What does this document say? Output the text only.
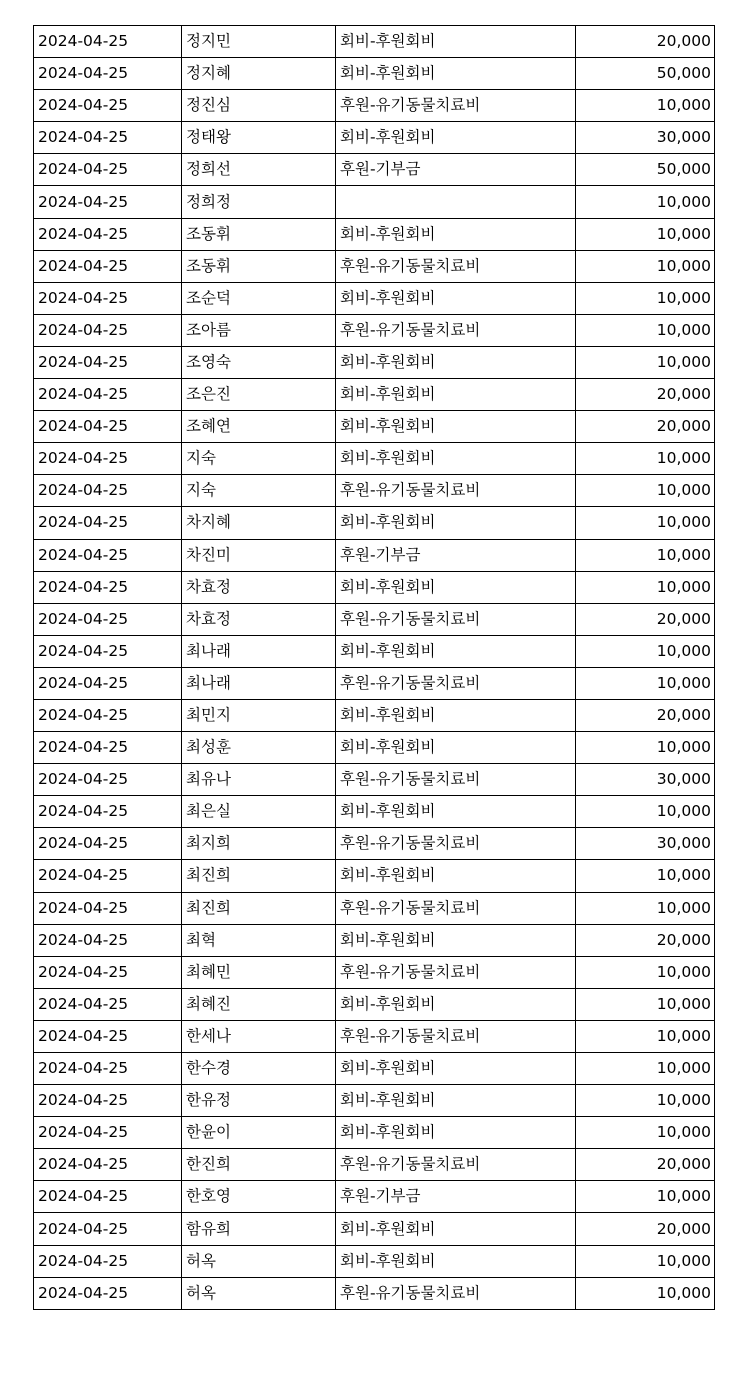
2024-04-25	정지민	회비-후원회비	20,000
2024-04-25	정지혜	회비-후원회비	50,000
2024-04-25	정진심	후원-유기동물치료비	10,000
2024-04-25	정태왕	회비-후원회비	30,000
2024-04-25	정희선	후원-기부금	50,000
2024-04-25	정희정		10,000
2024-04-25	조동휘	회비-후원회비	10,000
2024-04-25	조동휘	후원-유기동물치료비	10,000
2024-04-25	조순덕	회비-후원회비	10,000
2024-04-25	조아름	후원-유기동물치료비	10,000
2024-04-25	조영숙	회비-후원회비	10,000
2024-04-25	조은진	회비-후원회비	20,000
2024-04-25	조혜연	회비-후원회비	20,000
2024-04-25	지숙	회비-후원회비	10,000
2024-04-25	지숙	후원-유기동물치료비	10,000
2024-04-25	차지혜	회비-후원회비	10,000
2024-04-25	차진미	후원-기부금	10,000
2024-04-25	차효정	회비-후원회비	10,000
2024-04-25	차효정	후원-유기동물치료비	20,000
2024-04-25	최나래	회비-후원회비	10,000
2024-04-25	최나래	후원-유기동물치료비	10,000
2024-04-25	최민지	회비-후원회비	20,000
2024-04-25	최성훈	회비-후원회비	10,000
2024-04-25	최유나	후원-유기동물치료비	30,000
2024-04-25	최은실	회비-후원회비	10,000
2024-04-25	최지희	후원-유기동물치료비	30,000
2024-04-25	최진희	회비-후원회비	10,000
2024-04-25	최진희	후원-유기동물치료비	10,000
2024-04-25	최혁	회비-후원회비	20,000
2024-04-25	최혜민	후원-유기동물치료비	10,000
2024-04-25	최혜진	회비-후원회비	10,000
2024-04-25	한세나	후원-유기동물치료비	10,000
2024-04-25	한수경	회비-후원회비	10,000
2024-04-25	한유정	회비-후원회비	10,000
2024-04-25	한윤이	회비-후원회비	10,000
2024-04-25	한진희	후원-유기동물치료비	20,000
2024-04-25	한호영	후원-기부금	10,000
2024-04-25	함유희	회비-후원회비	20,000
2024-04-25	허옥	회비-후원회비	10,000
2024-04-25	허옥	후원-유기동물치료비	10,000
